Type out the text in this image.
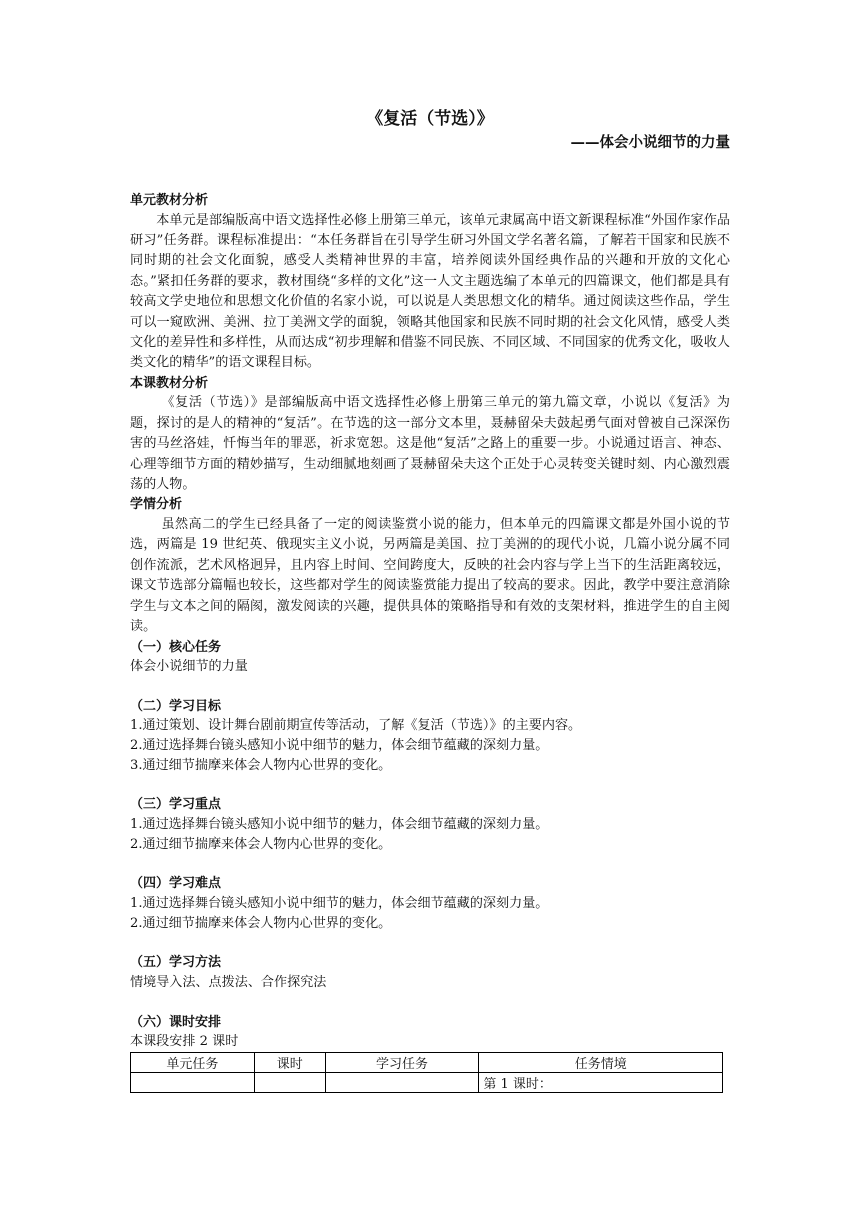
《复活（节选）》
——体会小说细节的力量
单元教材分析

本单元是部编版高中语文选择性必修上册第三单元，该单元隶属高中语文新课程标准“外国作家作品研习”任务群。课程标准提出：“本任务群旨在引导学生研习外国文学名著名篇，了解若干国家和民族不同时期的社会文化面貌，感受人类精神世界的丰富，培养阅读外国经典作品的兴趣和开放的文化心态。”紧扣任务群的要求，教材围绕“多样的文化”这一人文主题选编了本单元的四篇课文，他们都是具有较高文学史地位和思想文化价值的名家小说，可以说是人类思想文化的精华。通过阅读这些作品，学生可以一窥欧洲、美洲、拉丁美洲文学的面貌，领略其他国家和民族不同时期的社会文化风情，感受人类文化的差异性和多样性，从而达成“初步理解和借鉴不同民族、不同区域、不同国家的优秀文化，吸收人类文化的精华”的语文课程目标。

本课教材分析

《复活（节选）》是部编版高中语文选择性必修上册第三单元的第九篇文章，小说以《复活》为题，探讨的是人的精神的“复活”。在节选的这一部分文本里，聂赫留朵夫鼓起勇气面对曾被自己深深伤害的马丝洛娃，忏悔当年的罪恶，祈求宽恕。这是他“复活”之路上的重要一步。小说通过语言、神态、心理等细节方面的精妙描写，生动细腻地刻画了聂赫留朵夫这个正处于心灵转变关键时刻、内心激烈震荡的人物。

学情分析

虽然高二的学生已经具备了一定的阅读鉴赏小说的能力，但本单元的四篇课文都是外国小说的节选，两篇是 19 世纪英、俄现实主义小说，另两篇是美国、拉丁美洲的的现代小说，几篇小说分属不同创作流派，艺术风格迥异，且内容上时间、空间跨度大，反映的社会内容与学上当下的生活距离较远，课文节选部分篇幅也较长，这些都对学生的阅读鉴赏能力提出了较高的要求。因此，教学中要注意消除学生与文本之间的隔阂，激发阅读的兴趣，提供具体的策略指导和有效的支架材料，推进学生的自主阅读。

（一）核心任务

体会小说细节的力量

（二）学习目标

1.通过策划、设计舞台剧前期宣传等活动，了解《复活（节选）》的主要内容。

2.通过选择舞台镜头感知小说中细节的魅力，体会细节蕴藏的深刻力量。

3.通过细节揣摩来体会人物内心世界的变化。

（三）学习重点

1.通过选择舞台镜头感知小说中细节的魅力，体会细节蕴藏的深刻力量。

2.通过细节揣摩来体会人物内心世界的变化。

（四）学习难点

1.通过选择舞台镜头感知小说中细节的魅力，体会细节蕴藏的深刻力量。

2.通过细节揣摩来体会人物内心世界的变化。

（五）学习方法

情境导入法、点拨法、合作探究法

（六）课时安排

本课段安排 2 课时

单元任务	课时	学习任务	任务情境
			第 1 课时：
